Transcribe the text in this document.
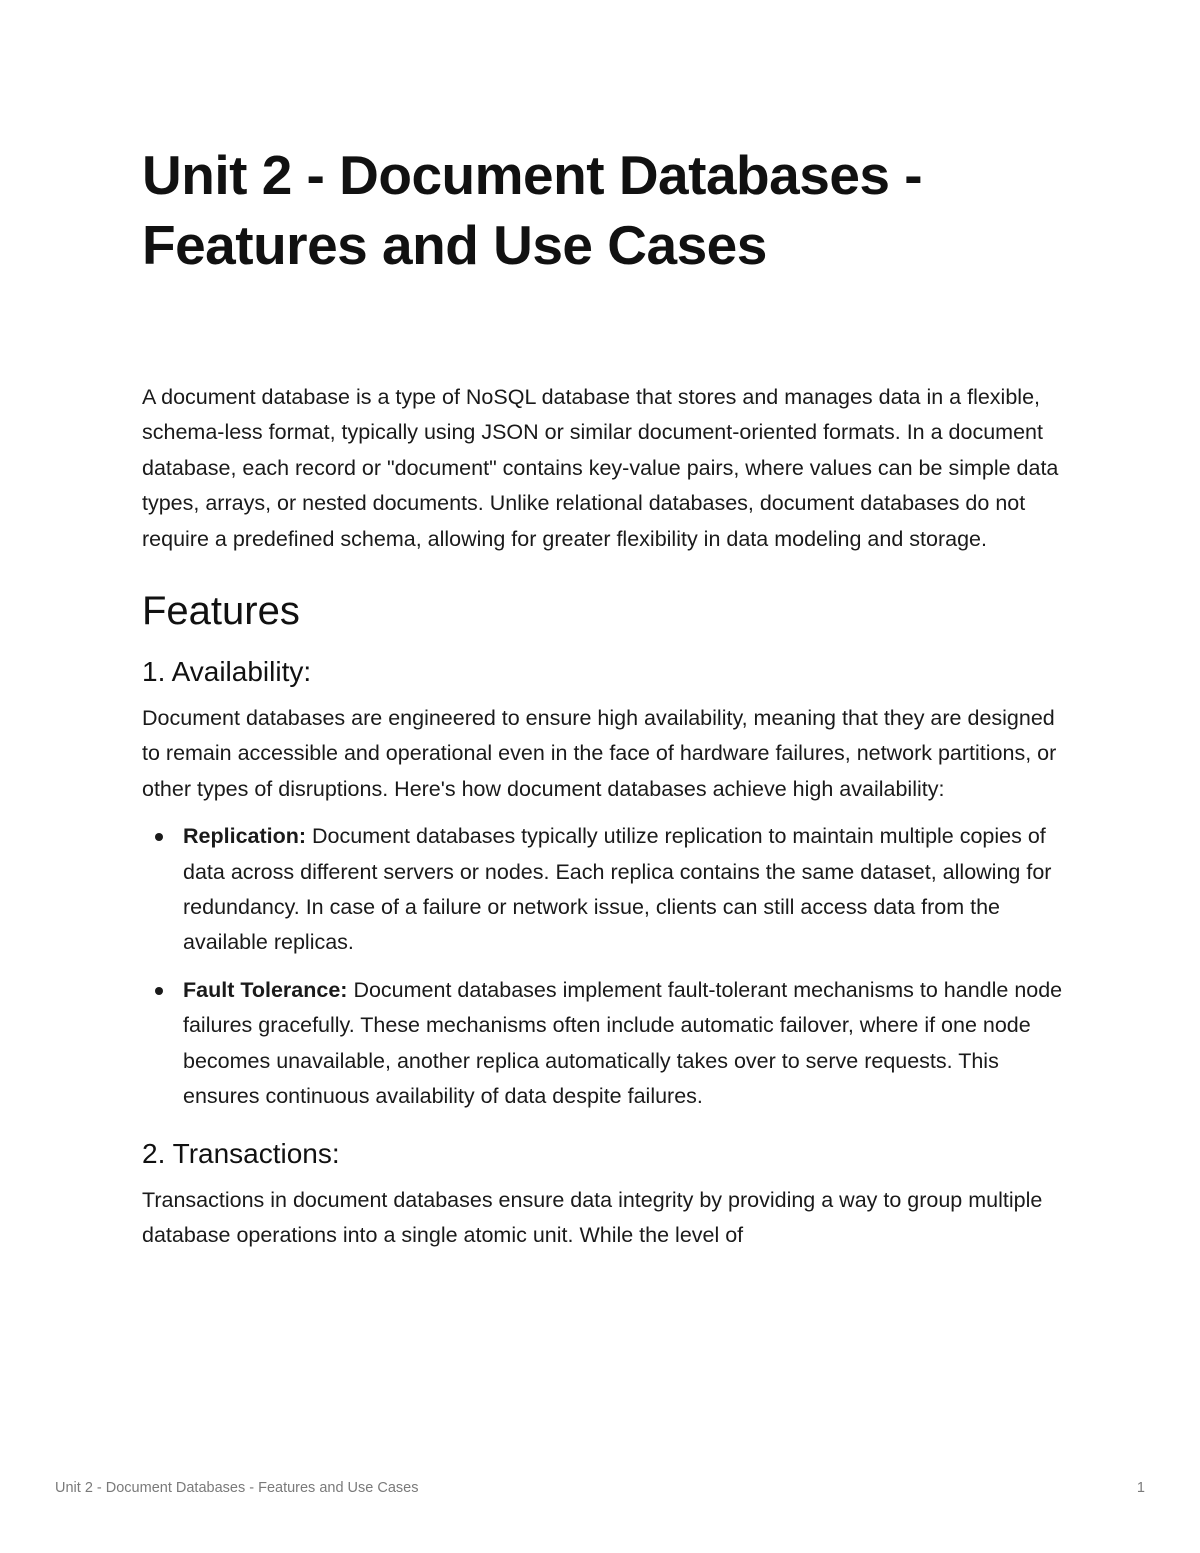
Unit 2 - Document Databases -
Features and Use Cases
A document database is a type of NoSQL database that stores and manages data in a flexible, schema-less format, typically using JSON or similar document-oriented formats. In a document database, each record or "document" contains key-value pairs, where values can be simple data types, arrays, or nested documents. Unlike relational databases, document databases do not require a predefined schema, allowing for greater flexibility in data modeling and storage.
Features
1. Availability:
Document databases are engineered to ensure high availability, meaning that they are designed to remain accessible and operational even in the face of hardware failures, network partitions, or other types of disruptions. Here's how document databases achieve high availability:
Replication: Document databases typically utilize replication to maintain multiple copies of data across different servers or nodes. Each replica contains the same dataset, allowing for redundancy. In case of a failure or network issue, clients can still access data from the available replicas.
Fault Tolerance: Document databases implement fault-tolerant mechanisms to handle node failures gracefully. These mechanisms often include automatic failover, where if one node becomes unavailable, another replica automatically takes over to serve requests. This ensures continuous availability of data despite failures.
2. Transactions:
Transactions in document databases ensure data integrity by providing a way to group multiple database operations into a single atomic unit. While the level of
Unit 2 - Document Databases - Features and Use Cases	1
